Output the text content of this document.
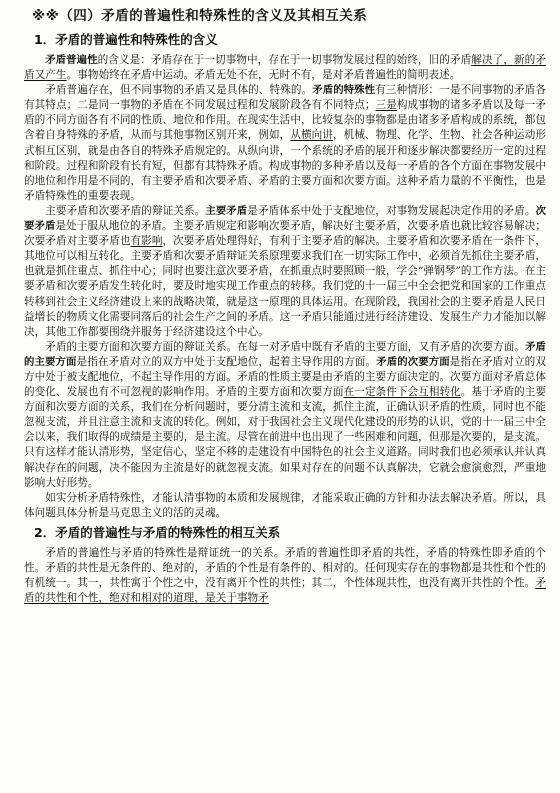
※※（四）矛盾的普遍性和特殊性的含义及其相互关系
1．矛盾的普遍性和特殊性的含义

矛盾普遍性的含义是：矛盾存在于一切事物中，存在于一切事物发展过程的始终，旧的矛盾解决了，新的矛盾又产生。事物始终在矛盾中运动。矛盾无处不在，无时不有，是对矛盾普遍性的简明表述。

矛盾普遍存在，但不同事物的矛盾又是具体的、特殊的。矛盾的特殊性有三种情形：一是不同事物的矛盾各有其特点；二是同一事物的矛盾在不同发展过程和发展阶段各有不同特点；三是构成事物的诸多矛盾以及每一矛盾的不同方面各有不同的性质、地位和作用。在现实生活中，比较复杂的事物都是由诸多矛盾构成的系统，都包含着自身特殊的矛盾，从而与其他事物区别开来，例如，从横向讲，机械、物理、化学、生物、社会各种运动形式相互区别，就是由各自的特殊矛盾规定的。从纵向讲，一个系统的矛盾的展开和逐步解决都要经历一定的过程和阶段。过程和阶段有长有短，但都有其特殊矛盾。构成事物的多种矛盾以及每一矛盾的各个方面在事物发展中的地位和作用是不同的，有主要矛盾和次要矛盾、矛盾的主要方面和次要方面。这种矛盾力量的不平衡性，也是矛盾特殊性的重要表现。

主要矛盾和次要矛盾的辩证关系。主要矛盾是矛盾体系中处于支配地位，对事物发展起决定作用的矛盾。次要矛盾是处于服从地位的矛盾。主要矛盾规定和影响次要矛盾，解决好主要矛盾，次要矛盾也就比较容易解决；次要矛盾对主要矛盾也有影响，次要矛盾处理得好，有利于主要矛盾的解决。主要矛盾和次要矛盾在一条件下，其地位可以相互转化。主要矛盾和次要矛盾辩证关系原理要求我们在一切实际工作中，必须首先抓住主要矛盾，也就是抓住重点、抓住中心；同时也要注意次要矛盾，在抓重点时要照顾一般，学会“弹钢琴”的工作方法。在主要矛盾和次要矛盾发生转化时，要及时地实现工作重点的转移。我们党的十一届三中全会把党和国家的工作重点转移到社会主义经济建设上来的战略决策，就是这一原理的具体运用。在现阶段，我国社会的主要矛盾是人民日益增长的物质文化需要同落后的社会生产之间的矛盾。这一矛盾只能通过进行经济建设、发展生产力才能加以解决，其他工作都要围绕并服务于经济建设这个中心。

矛盾的主要方面和次要方面的辩证关系。在每一对矛盾中既有矛盾的主要方面，又有矛盾的次要方面。矛盾的主要方面是指在矛盾对立的双方中处于支配地位，起着主导作用的方面。矛盾的次要方面是指在矛盾对立的双方中处于被支配地位，不起主导作用的方面。矛盾的性质主要是由矛盾的主要方面决定的。次要方面对矛盾总体的变化、发展也有不可忽视的影响作用。矛盾的主要方面和次要方面在一定条件下会互相转化。基于矛盾的主要方面和次要方面的关系，我们在分析问题时，要分清主流和支流，抓住主流，正确认识矛盾的性质，同时也不能忽视支流，并且注意主流和支流的转化。例如，对于我国社会主义现代化建设的形势的认识，党的十一届三中全会以来，我们取得的成绩是主要的，是主流。尽管在前进中也出现了一些困难和问题，但那是次要的，是支流。只有这样才能认清形势，坚定信心，坚定不移的走建设有中国特色的社会主义道路。同时我们也必须承认并认真解决存在的问题，决不能因为主流是好的就忽视支流。如果对存在的问题不认真解决，它就会愈演愈烈，严重地影响大好形势。

如实分析矛盾特殊性，才能认清事物的本质和发展规律，才能采取正确的方针和办法去解决矛盾。所以，具体问题具体分析是马克思主义的活的灵魂。

2．矛盾的普遍性与矛盾的特殊性的相互关系

矛盾的普遍性与矛盾的特殊性是辩证统一的关系。矛盾的普遍性即矛盾的共性，矛盾的特殊性即矛盾的个性。矛盾的共性是无条件的、绝对的，矛盾的个性是有条件的、相对的。任何现实存在的事物都是共性和个性的有机统一。其一，共性寓于个性之中，没有离开个性的共性；其二，个性体现共性，也没有离开共性的个性。矛盾的共性和个性，绝对和相对的道理，是关于事物矛
